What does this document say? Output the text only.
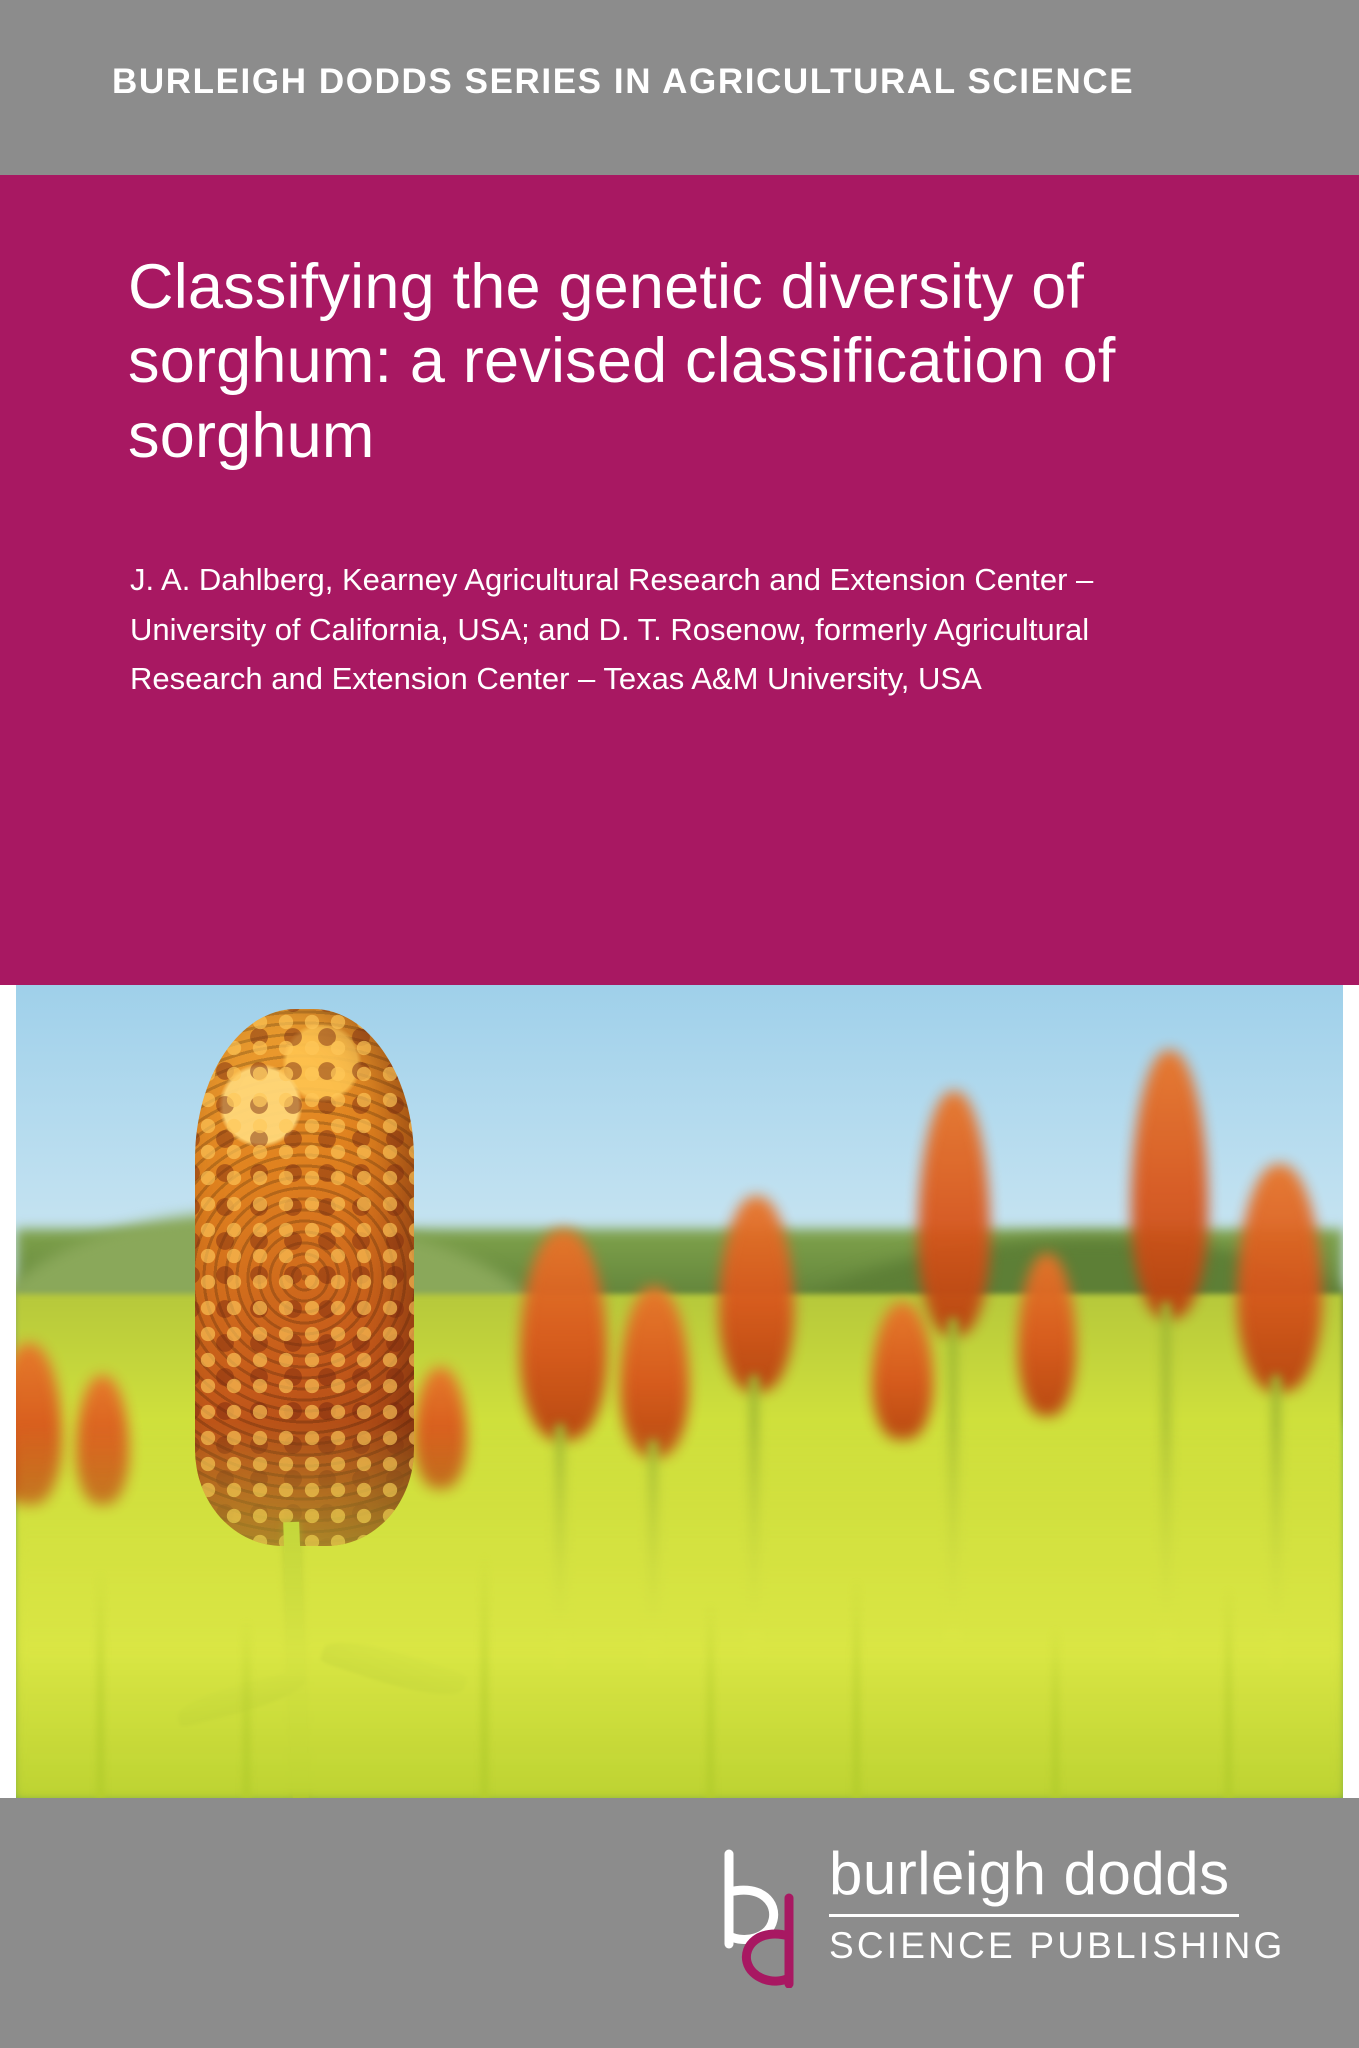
BURLEIGH DODDS SERIES IN AGRICULTURAL SCIENCE
Classifying the genetic diversity of sorghum: a revised classification of sorghum
J. A. Dahlberg, Kearney Agricultural Research and Extension Center – University of California, USA; and D. T. Rosenow, formerly Agricultural Research and Extension Center – Texas A&M University, USA
burleigh dodds
SCIENCE PUBLISHING
